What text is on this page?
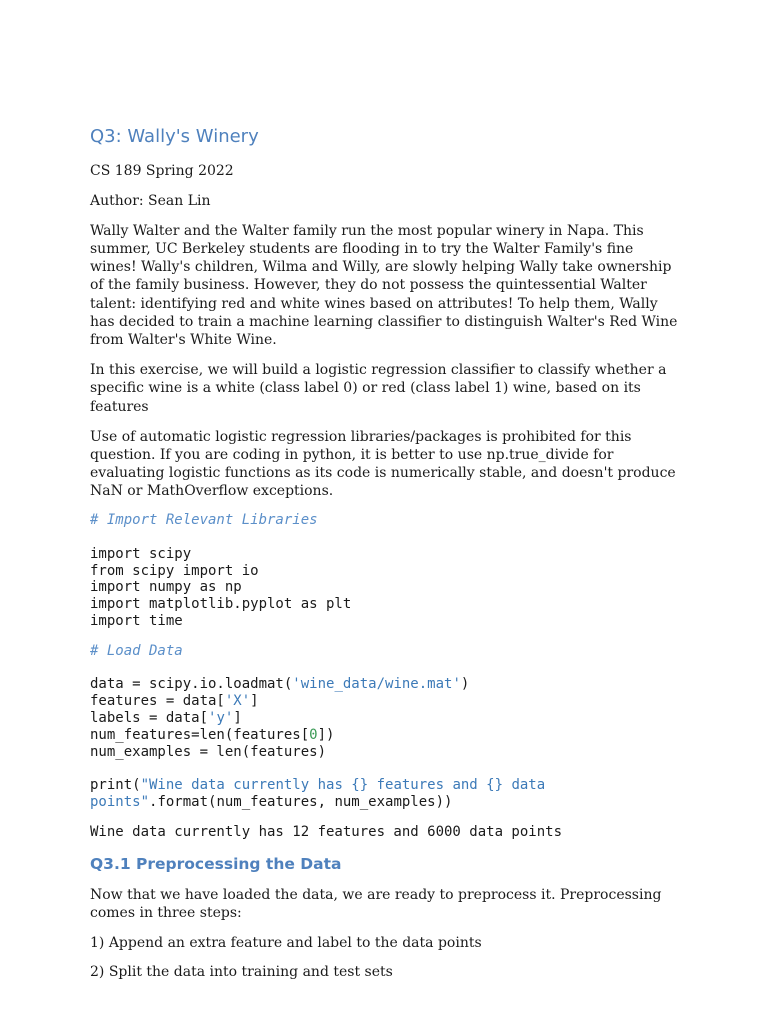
Q3: Wally's Winery

CS 189 Spring 2022

Author: Sean Lin

Wally Walter and the Walter family run the most popular winery in Napa. This summer, UC Berkeley students are flooding in to try the Walter Family's fine wines! Wally's children, Wilma and Willy, are slowly helping Wally take ownership of the family business. However, they do not possess the quintessential Walter talent: identifying red and white wines based on attributes! To help them, Wally has decided to train a machine learning classifier to distinguish Walter's Red Wine from Walter's White Wine.

In this exercise, we will build a logistic regression classifier to classify whether a specific wine is a white (class label 0) or red (class label 1) wine, based on its features

Use of automatic logistic regression libraries/packages is prohibited for this question. If you are coding in python, it is better to use np.true_divide for evaluating logistic functions as its code is numerically stable, and doesn't produce NaN or MathOverflow exceptions.

# Import Relevant Libraries

import scipy
from scipy import io
import numpy as np
import matplotlib.pyplot as plt
import time
# Load Data

data = scipy.io.loadmat('wine_data/wine.mat')
features = data['X']
labels = data['y']
num_features=len(features[0])
num_examples = len(features)

print("Wine data currently has {} features and {} data
points".format(num_features, num_examples))
Wine data currently has 12 features and 6000 data points
Q3.1 Preprocessing the Data

Now that we have loaded the data, we are ready to preprocess it. Preprocessing comes in three steps:

1) Append an extra feature and label to the data points

2) Split the data into training and test sets
